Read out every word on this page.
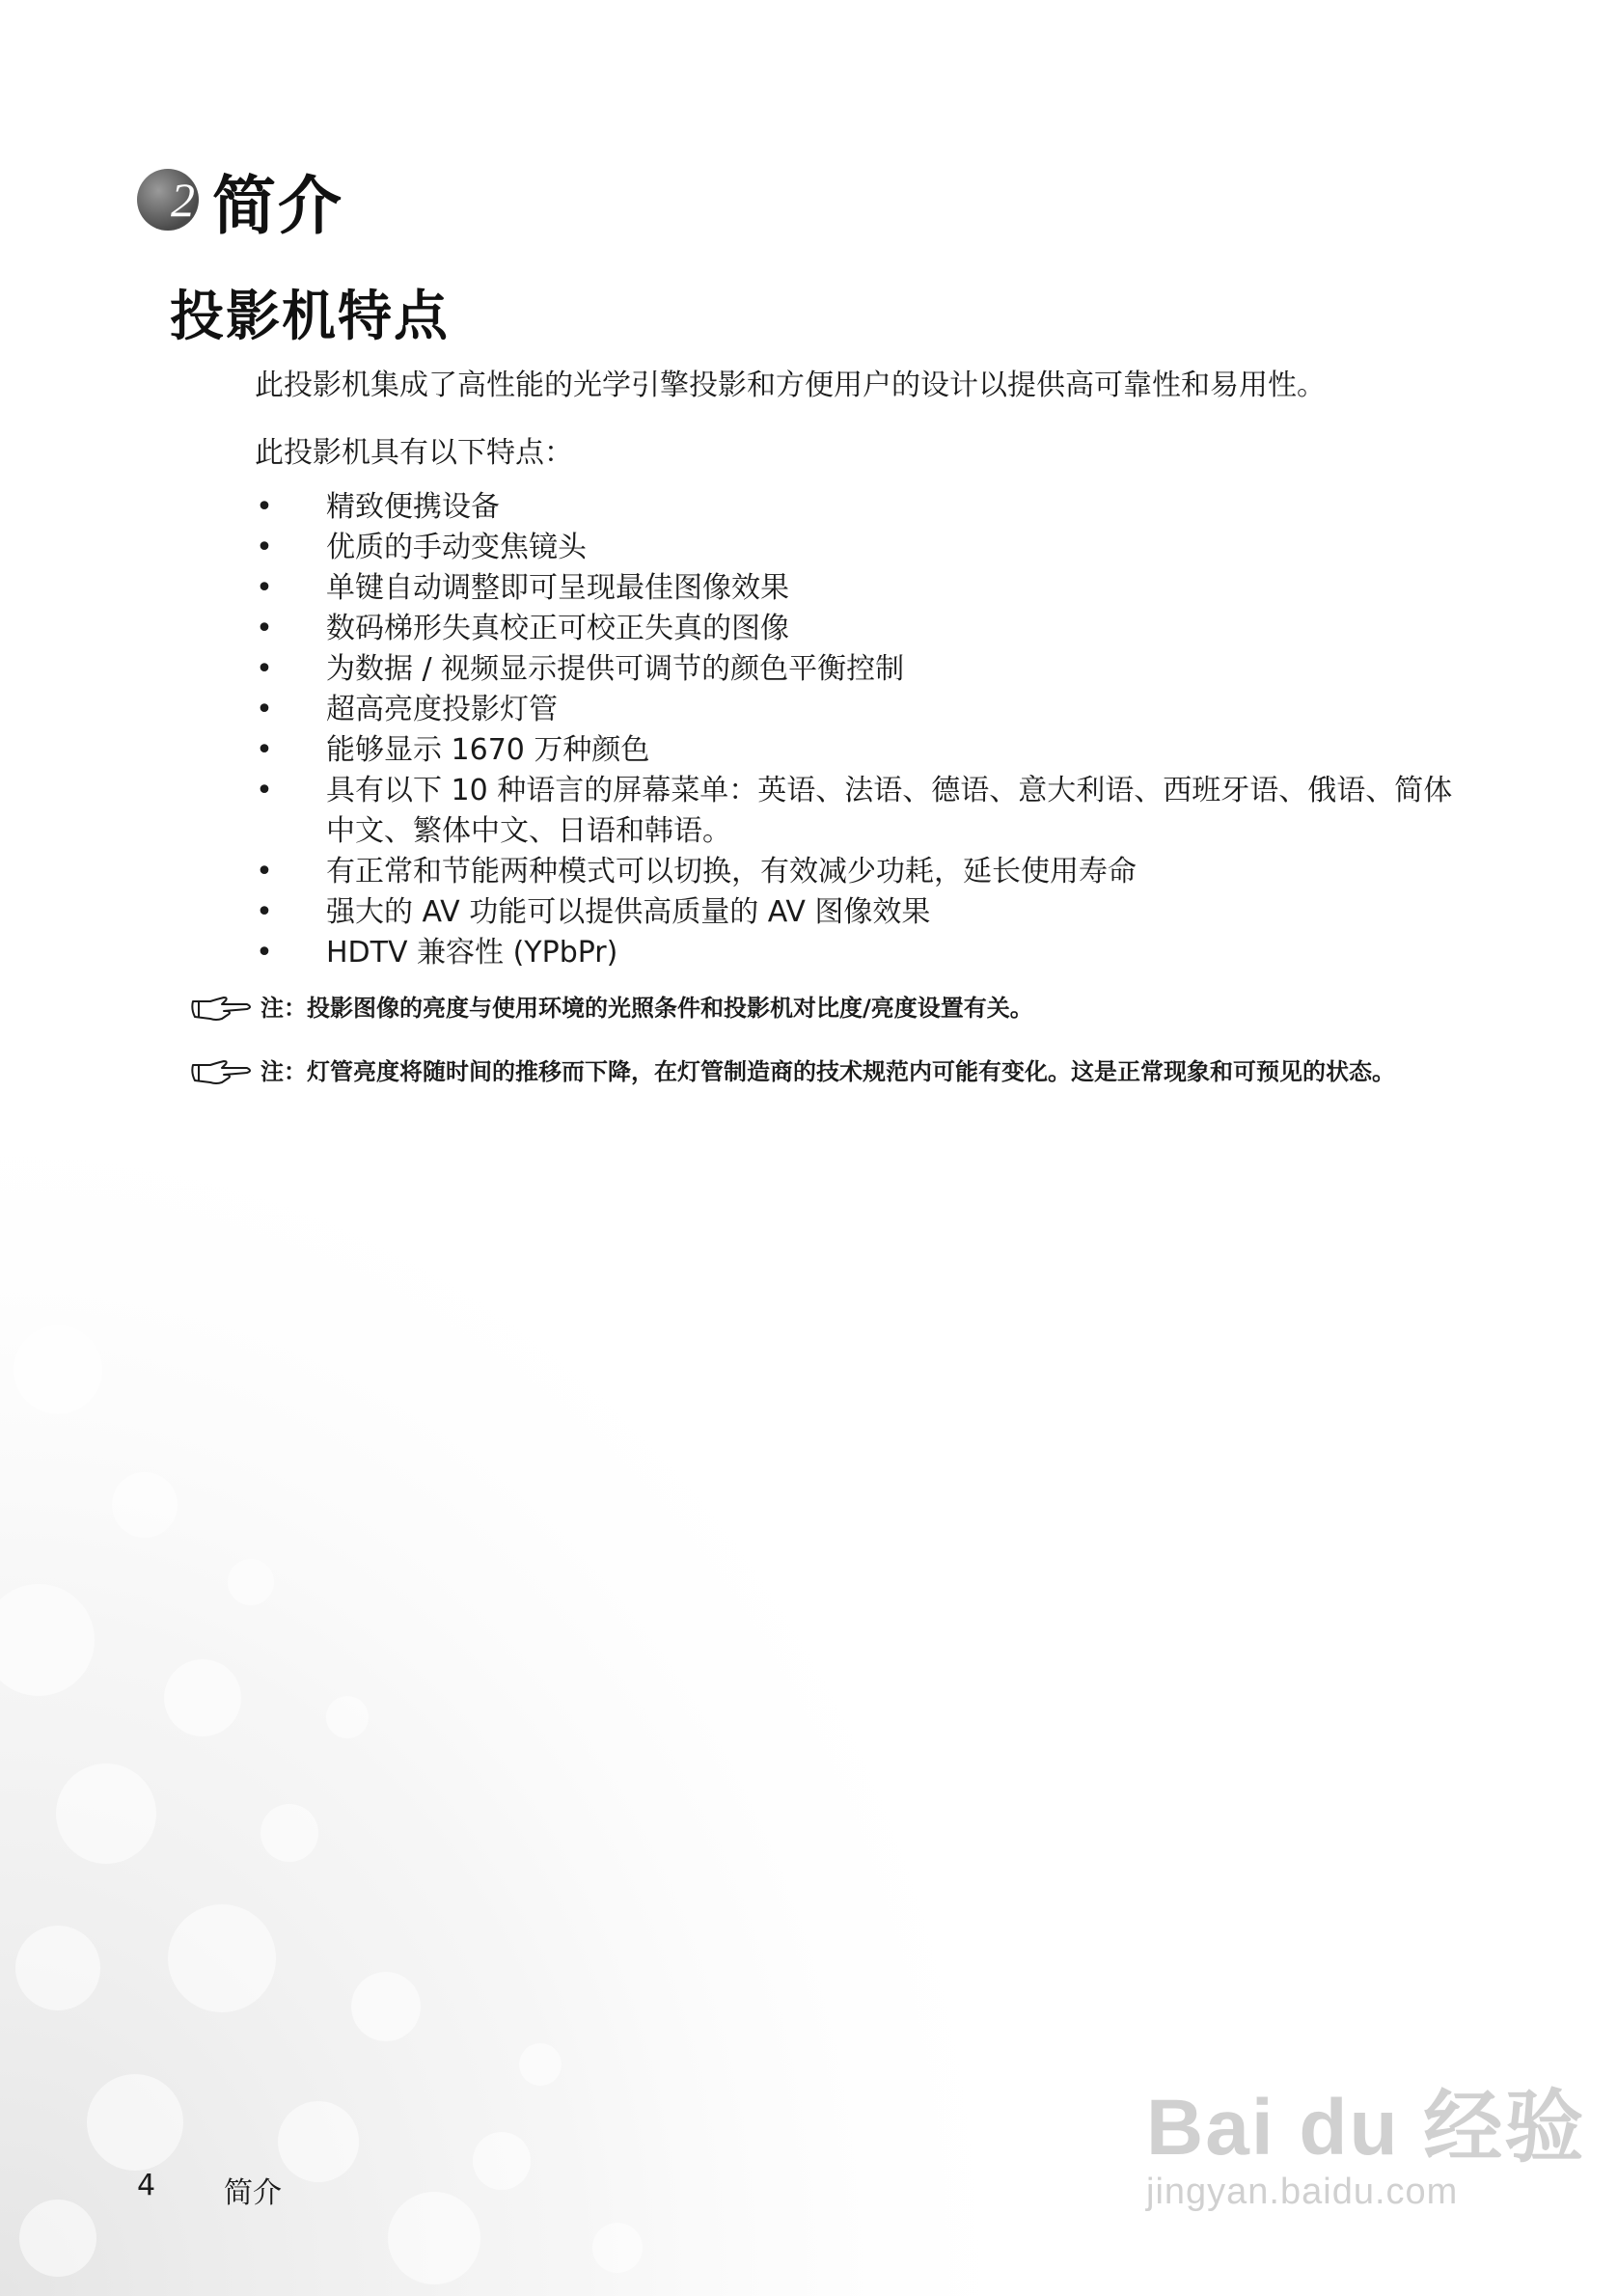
2 简介
投影机特点
此投影机集成了高性能的光学引擎投影和方便用户的设计以提供高可靠性和易用性。
此投影机具有以下特点：
• 精致便携设备
• 优质的手动变焦镜头
• 单键自动调整即可呈现最佳图像效果
• 数码梯形失真校正可校正失真的图像
• 为数据 / 视频显示提供可调节的颜色平衡控制
• 超高亮度投影灯管
• 能够显示 1670 万种颜色
• 具有以下 10 种语言的屏幕菜单：英语、法语、德语、意大利语、西班牙语、俄语、简体中文、繁体中文、日语和韩语。
• 有正常和节能两种模式可以切换，有效减少功耗，延长使用寿命
• 强大的 AV 功能可以提供高质量的 AV 图像效果
• HDTV 兼容性 (YPbPr)
注： 投影图像的亮度与使用环境的光照条件和投影机对比度/亮度设置有关。
注： 灯管亮度将随时间的推移而下降，在灯管制造商的技术规范内可能有变化。这是正常现象和可预见的状态。
4	简介
Bai du 经验
jingyan.baidu.com
